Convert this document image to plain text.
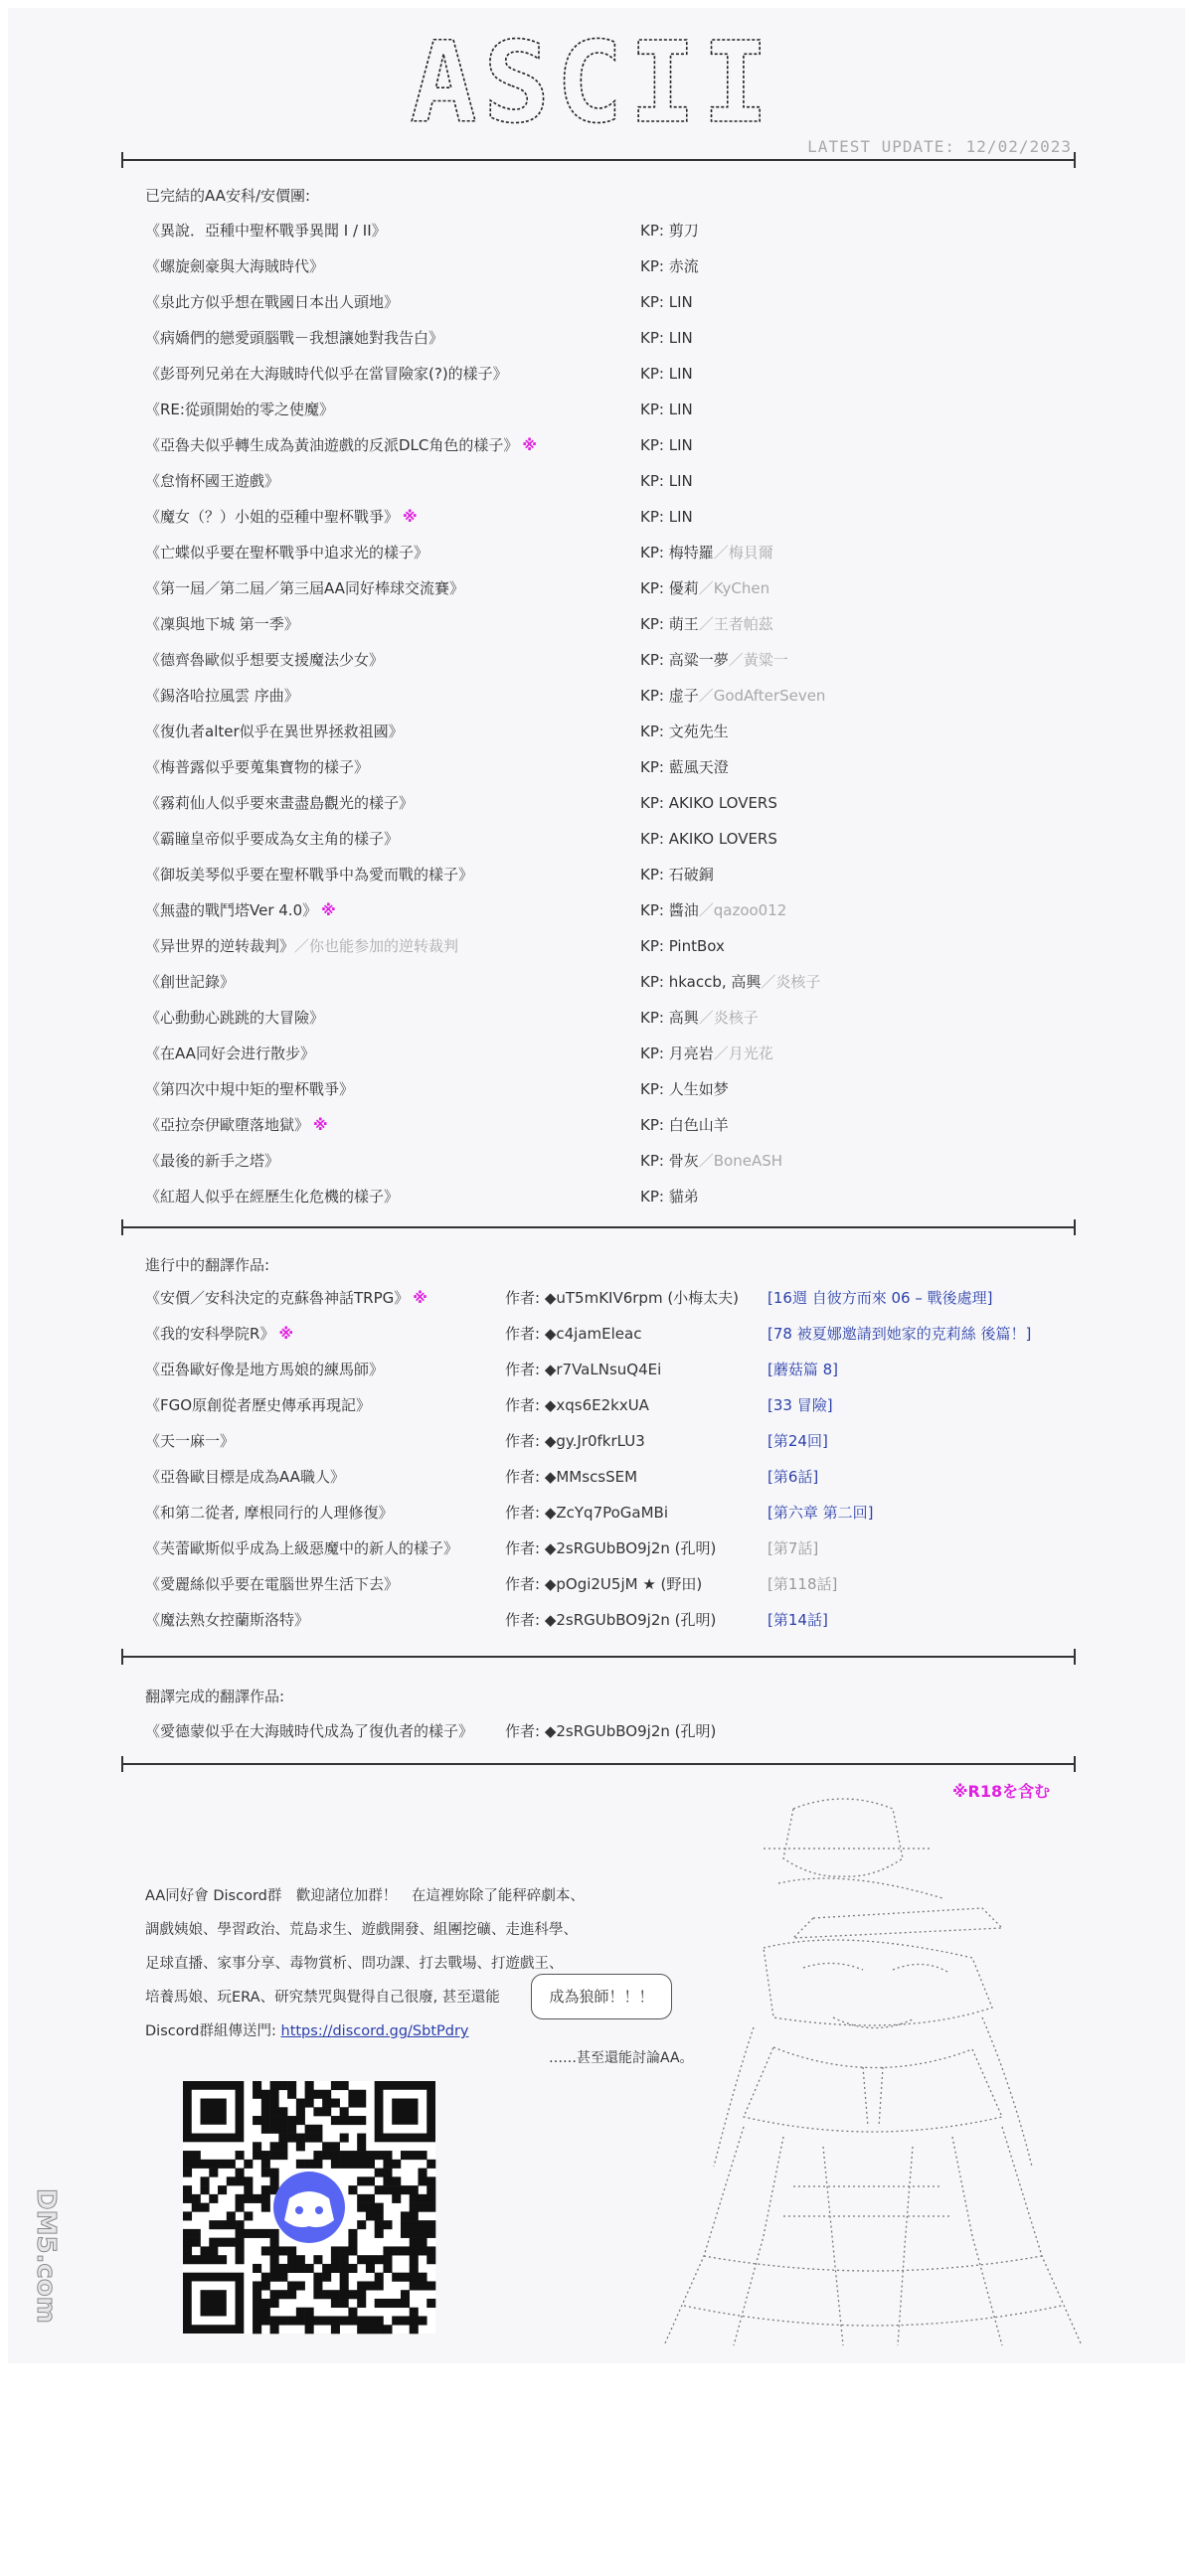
ASCII	LATEST UPDATE: 12/02/2023
已完結的AA安科/安價團:
《異說．亞種中聖杯戰爭異聞 I / II》	KP: 剪刀
《螺旋劍豪與大海賊時代》	KP: 赤流
《泉此方似乎想在戰國日本出人頭地》	KP: LIN
《病嬌們的戀愛頭腦戰－我想讓她對我告白》	KP: LIN
《彭哥列兄弟在大海賊時代似乎在當冒險家(?)的樣子》	KP: LIN
《RE:從頭開始的零之使魔》	KP: LIN
《亞魯夫似乎轉生成為黃油遊戲的反派DLC角色的樣子》 ※	KP: LIN
《怠惰杯國王遊戲》	KP: LIN
《魔女（？）小姐的亞種中聖杯戰爭》 ※	KP: LIN
《亡蝶似乎要在聖杯戰爭中追求光的樣子》	KP: 梅特羅／梅貝爾
《第一屆／第二屆／第三屆AA同好棒球交流賽》	KP: 優莉／KyChen
《凜與地下城 第一季》	KP: 萌王／王者帕茲
《德齊魯歐似乎想要支援魔法少女》	KP: 高粱一夢／黃粱一
《錫洛哈拉風雲 序曲》	KP: 虚子／GodAfterSeven
《復仇者alter似乎在異世界拯救祖國》	KP: 文苑先生
《梅普露似乎要蒐集寶物的樣子》	KP: 藍風天澄
《霧莉仙人似乎要來畫盡島觀光的樣子》	KP: AKIKO LOVERS
《霸瞳皇帝似乎要成為女主角的樣子》	KP: AKIKO LOVERS
《御坂美琴似乎要在聖杯戰爭中為愛而戰的樣子》	KP: 石破銅
《無盡的戰鬥塔Ver 4.0》 ※	KP: 醬油／qazoo012
《异世界的逆转裁判》／你也能参加的逆转裁判	KP: PintBox
《創世記錄》	KP: hkaccb, 高興／炎核子
《心動動心跳跳的大冒險》	KP: 高興／炎核子
《在AA同好会进行散步》	KP: 月亮岩／月光花
《第四次中規中矩的聖杯戰爭》	KP: 人生如梦
《亞拉奈伊歐墮落地獄》 ※	KP: 白色山羊
《最後的新手之塔》	KP: 骨灰／BoneASH
《紅超人似乎在經歷生化危機的樣子》	KP: 貓弟
進行中的翻譯作品:
《安價／安科決定的克蘇魯神話TRPG》 ※	作者: ◆uT5mKIV6rpm (小梅太夫) [16週 自彼方而來 06 – 戰後處理]
《我的安科學院R》 ※	作者: ◆c4jamEleac	[78 被夏娜邀請到她家的克莉絲 後篇！]
《亞魯歐好像是地方馬娘的練馬師》	作者: ◆r7VaLNsuQ4Ei	[蘑菇篇 8]
《FGO原創從者歷史傳承再現記》	作者: ◆xqs6E2kxUA	[33 冒險]
《天一麻一》	作者: ◆gy.Jr0fkrLU3	[第24回]
《亞魯歐目標是成為AA職人》	作者: ◆MMscsSEM	[第6話]
《和第二從者, 摩根同行的人理修復》	作者: ◆ZcYq7PoGaMBi	[第六章 第二回]
《芙蕾歐斯似乎成為上級惡魔中的新人的樣子》	作者: ◆2sRGUbBO9j2n (孔明)	[第7話]
《愛麗絲似乎要在電腦世界生活下去》	作者: ◆pOgi2U5jM ★ (野田)	[第118話]
《魔法熟女控蘭斯洛特》	作者: ◆2sRGUbBO9j2n (孔明)	[第14話]
翻譯完成的翻譯作品:
《愛德蒙似乎在大海賊時代成為了復仇者的樣子》 作者: ◆2sRGUbBO9j2n (孔明)
※R18を含む
AA同好會 Discord群　歡迎諸位加群！　在這裡妳除了能秤碎劇本、
調戲姨娘、學習政治、荒島求生、遊戲開發、組團挖礦、走進科學、
足球直播、家事分享、毒物賞析、問功課、打去戰場、打遊戲王、
培養馬娘、玩ERA、研究禁咒與覺得自己很廢, 甚至還能
Discord群組傳送門: https://discord.gg/SbtPdry
成為狼師！！！
……甚至還能討論AA。
DM5.com
